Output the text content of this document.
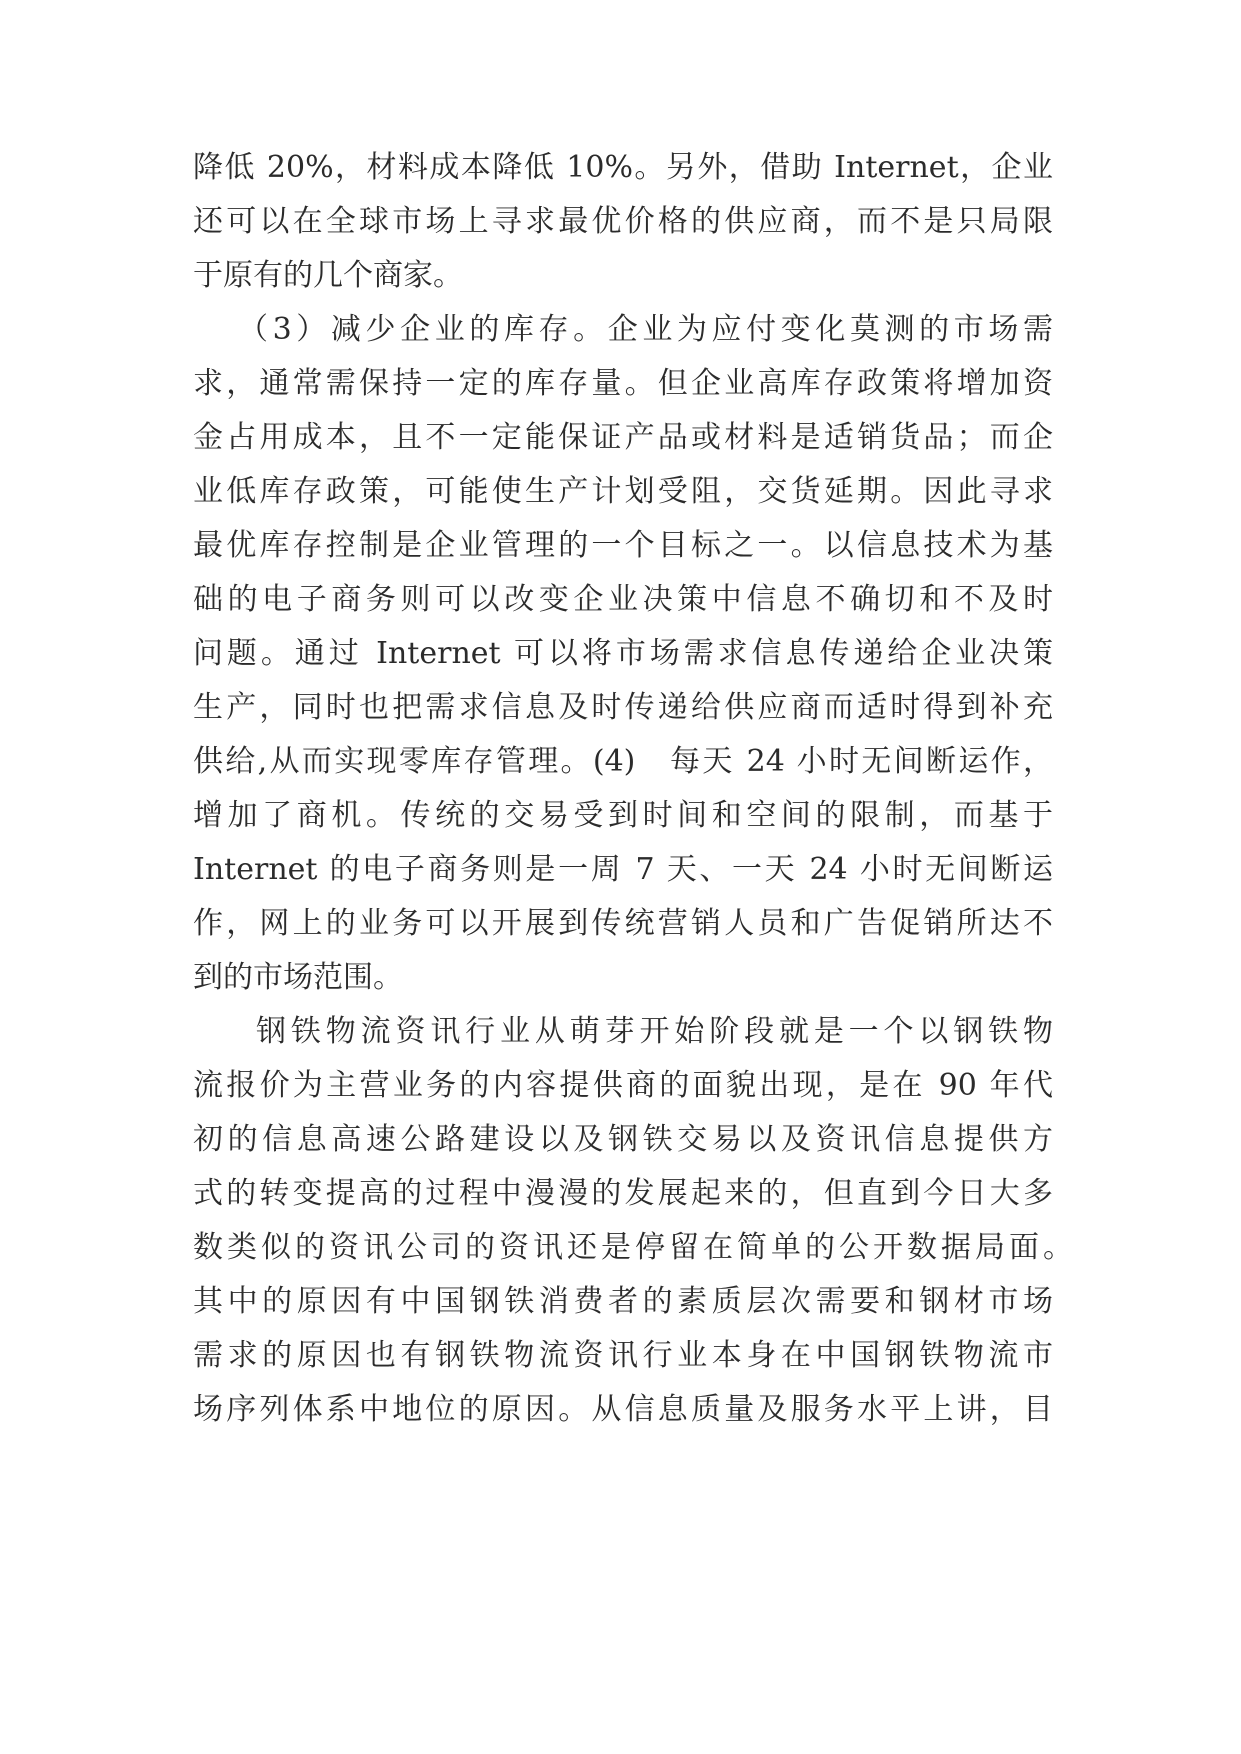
降低 20%，材料成本降低 10%。另外，借助 Internet，企业
还可以在全球市场上寻求最优价格的供应商，而不是只局限
于原有的几个商家。
（3）减少企业的库存。企业为应付变化莫测的市场需
求，通常需保持一定的库存量。但企业高库存政策将增加资
金占用成本，且不一定能保证产品或材料是适销货品；而企
业低库存政策，可能使生产计划受阻，交货延期。因此寻求
最优库存控制是企业管理的一个目标之一。以信息技术为基
础的电子商务则可以改变企业决策中信息不确切和不及时
问题。通过 Internet 可以将市场需求信息传递给企业决策
生产，同时也把需求信息及时传递给供应商而适时得到补充
供给,从而实现零库存管理。(4)　每天 24 小时无间断运作，
增加了商机。传统的交易受到时间和空间的限制，而基于
Internet 的电子商务则是一周 7 天、一天 24 小时无间断运
作，网上的业务可以开展到传统营销人员和广告促销所达不
到的市场范围。
钢铁物流资讯行业从萌芽开始阶段就是一个以钢铁物
流报价为主营业务的内容提供商的面貌出现，是在 90 年代
初的信息高速公路建设以及钢铁交易以及资讯信息提供方
式的转变提高的过程中漫漫的发展起来的，但直到今日大多
数类似的资讯公司的资讯还是停留在简单的公开数据局面。
其中的原因有中国钢铁消费者的素质层次需要和钢材市场
需求的原因也有钢铁物流资讯行业本身在中国钢铁物流市
场序列体系中地位的原因。从信息质量及服务水平上讲，目
